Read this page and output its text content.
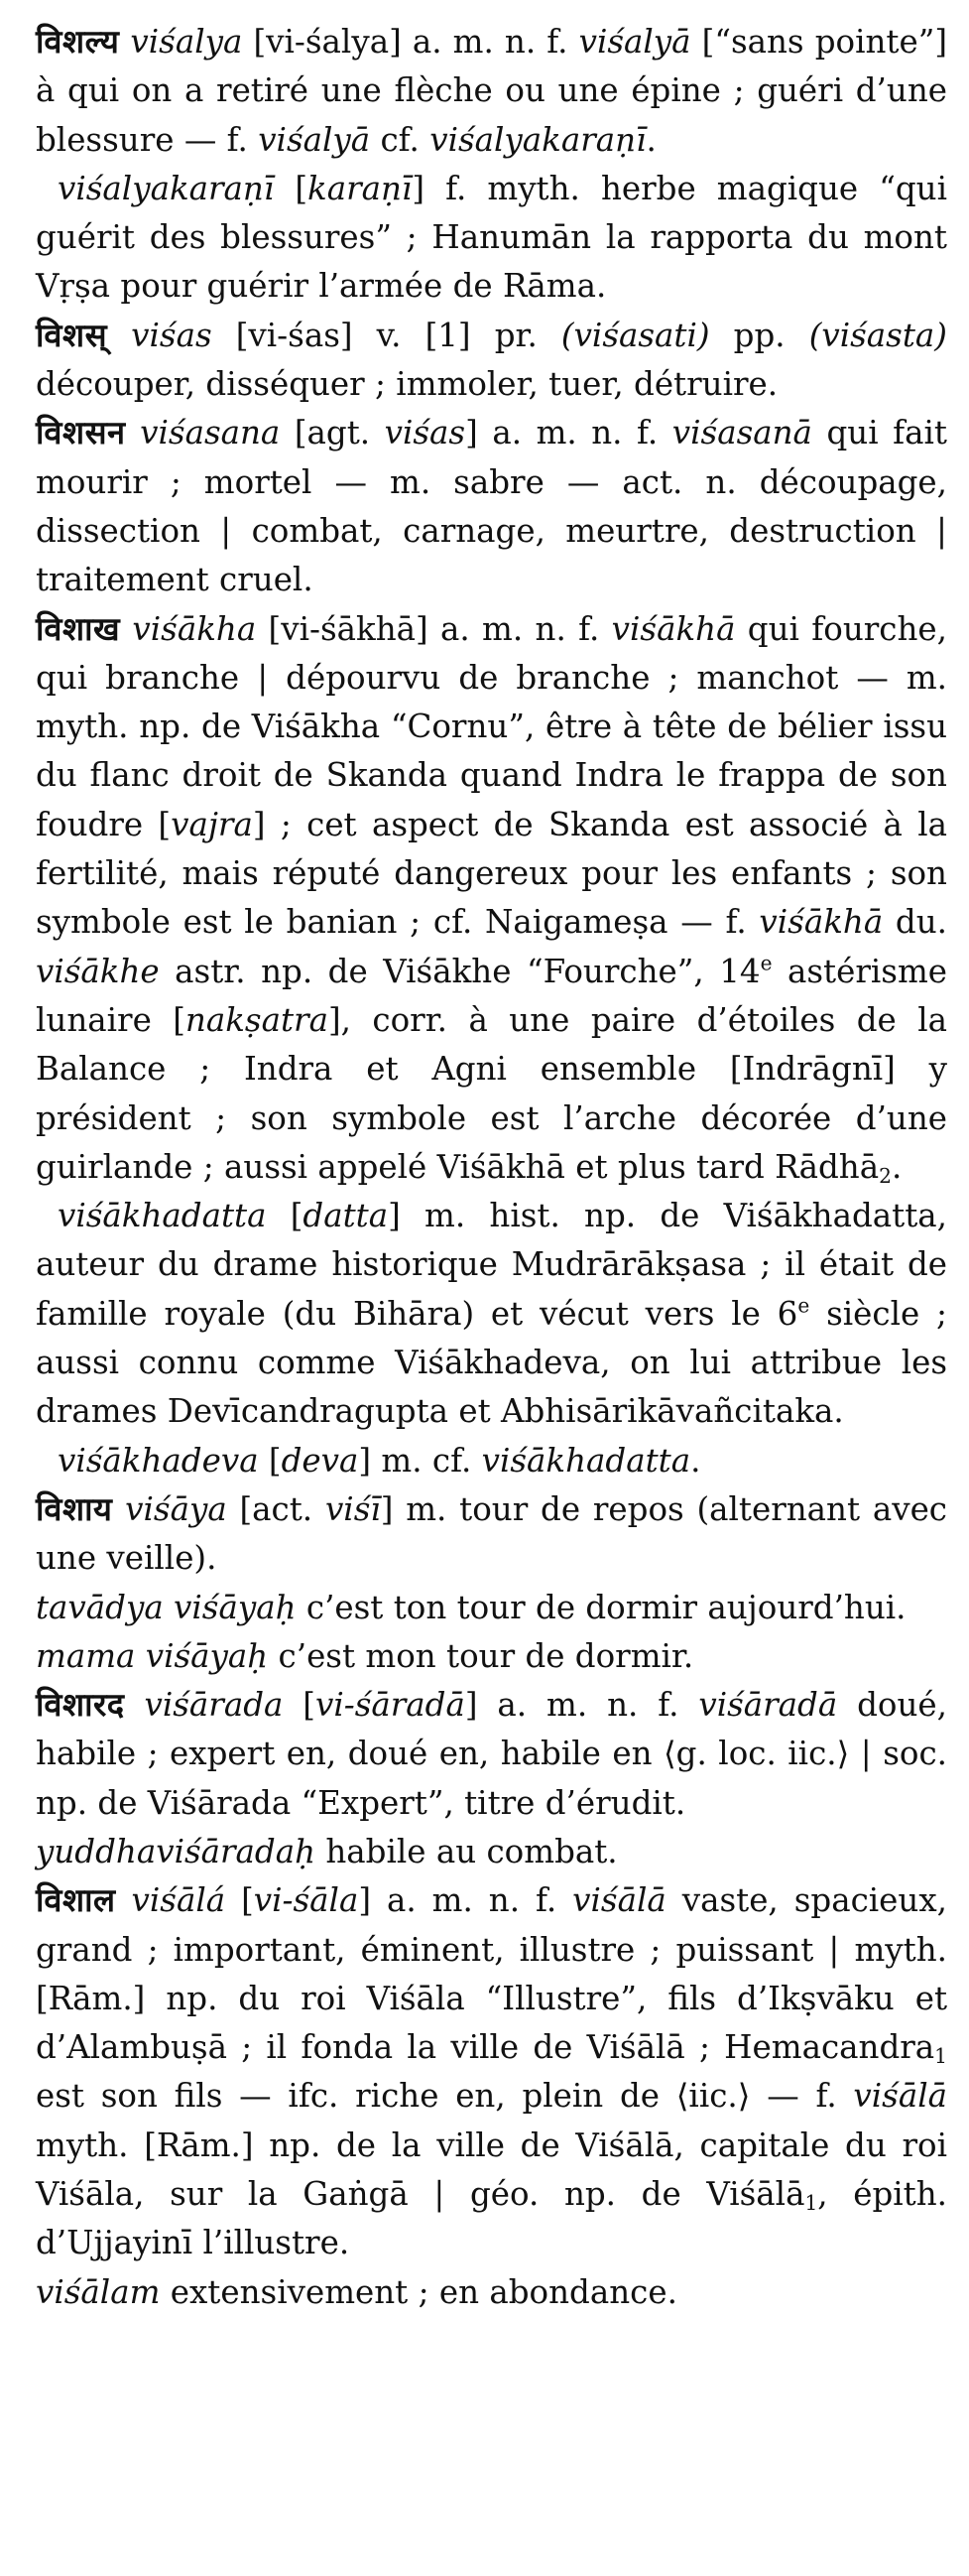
विशल्य viśalya [vi-śalya] a. m. n. f. viśalyā [“sans pointe”] à qui on a retiré une flèche ou une épine ; guéri d’une blessure — f. viśalyā cf. viśalyakaraṇī.

viśalyakaraṇī [karaṇī] f. myth. herbe magique “qui guérit des blessures” ; Hanumān la rapporta du mont Vṛṣa pour guérir l’armée de Rāma.

विशस् viśas [vi-śas] v. [1] pr. (viśasati) pp. (viśasta) découper, disséquer ; immoler, tuer, détruire.

विशसन viśasana [agt. viśas] a. m. n. f. viśasanā qui fait mourir ; mortel — m. sabre — act. n. découpage, dissection | combat, carnage, meurtre, destruction | traitement cruel.

विशाख viśākha [vi-śākhā] a. m. n. f. viśākhā qui fourche, qui branche | dépourvu de branche ; manchot — m. myth. np. de Viśākha “Cornu”, être à tête de bélier issu du flanc droit de Skanda quand Indra le frappa de son foudre [vajra] ; cet aspect de Skanda est associé à la fertilité, mais réputé dangereux pour les enfants ; son symbole est le banian ; cf. Naigameṣa — f. viśākhā du. viśākhe astr. np. de Viśākhe “Fourche”, 14e astérisme lunaire [nakṣatra], corr. à une paire d’étoiles de la Balance ; Indra et Agni ensemble [Indrāgnī] y président ; son symbole est l’arche décorée d’une guirlande ; aussi appelé Viśākhā et plus tard Rādhā$_2$.

viśākhadatta [datta] m. hist. np. de Viśākhadatta, auteur du drame historique Mudrārākṣasa ; il était de famille royale (du Bihāra) et vécut vers le 6e siècle ; aussi connu comme Viśākhadeva, on lui attribue les drames Devīcandragupta et Abhisārikāvañcitaka.

viśākhadeva [deva] m. cf. viśākhadatta.

विशाय viśāya [act. viśī] m. tour de repos (alternant avec une veille).

tavādya viśāyaḥ c’est ton tour de dormir aujourd’hui.

mama viśāyaḥ c’est mon tour de dormir.

विशारद viśārada [vi-śāradā] a. m. n. f. viśāradā doué, habile ; expert en, doué en, habile en ⟨g. loc. iic.⟩ | soc. np. de Viśārada “Expert”, titre d’érudit.

yuddhaviśāradaḥ habile au combat.

विशाल viśālá [vi-śāla] a. m. n. f. viśālā vaste, spacieux, grand ; important, éminent, illustre ; puissant | myth. [Rām.] np. du roi Viśāla “Illustre”, fils d’Ikṣvāku et d’Alambuṣā ; il fonda la ville de Viśālā ; Hemacandra$_1$ est son fils — ifc. riche en, plein de ⟨iic.⟩ — f. viśālā myth. [Rām.] np. de la ville de Viśālā, capitale du roi Viśāla, sur la Gaṅgā | géo. np. de Viśālā$_1$, épith. d’Ujjayinī l’illustre.

viśālam extensivement ; en abondance.
